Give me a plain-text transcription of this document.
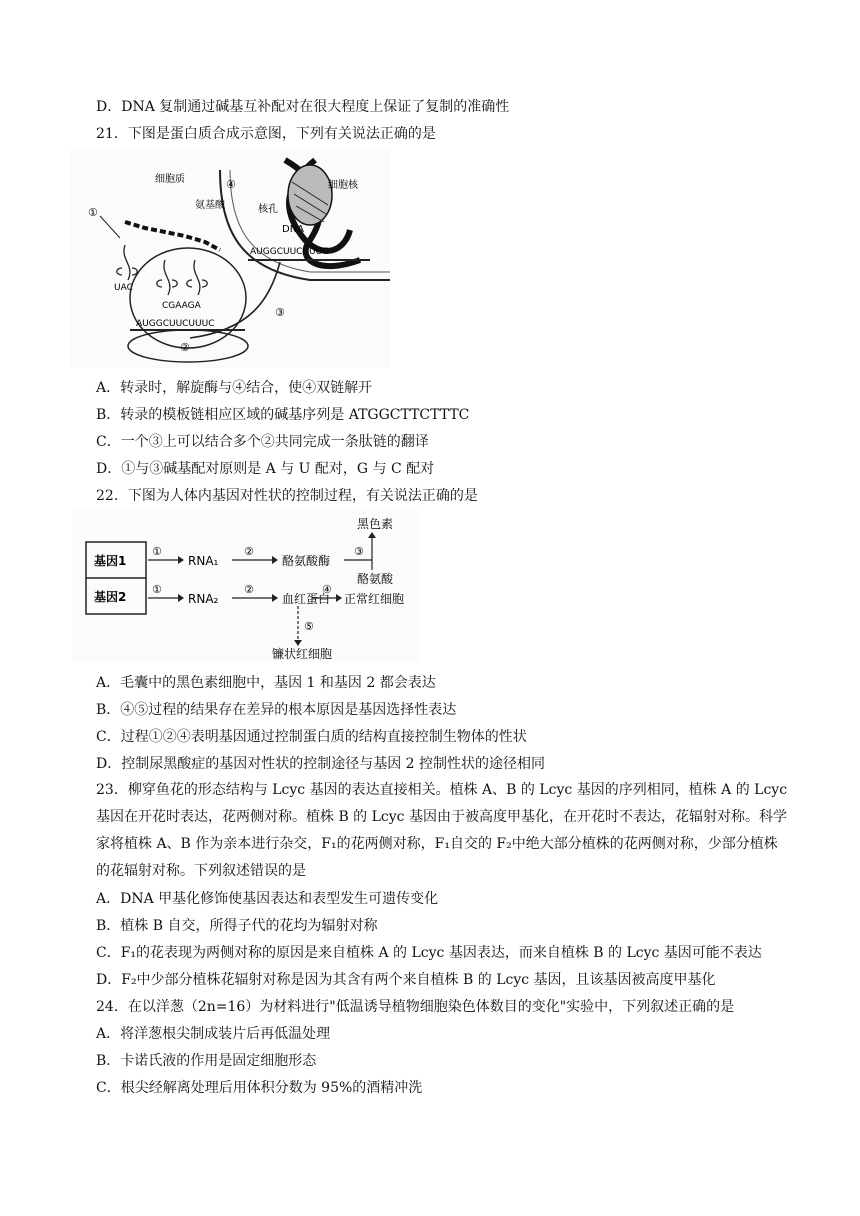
D．DNA 复制通过碱基互补配对在很大程度上保证了复制的准确性
21．下图是蛋白质合成示意图，下列有关说法正确的是
细胞质
细胞核
④
氨基酸	核孔
DNA
AUGGCUUCUUUC
③
②
①
UAC
CGAAGA
AUGGCUUCUUUC
A．转录时，解旋酶与④结合，使④双链解开
B．转录的模板链相应区域的碱基序列是 ATGGCTTCTTTC
C．一个③上可以结合多个②共同完成一条肽链的翻译
D．①与③碱基配对原则是 A 与 U 配对，G 与 C 配对
22．下图为人体内基因对性状的控制过程，有关说法正确的是
基因1
基因2
①
RNA₁
②
酪氨酸酶
③
黑色素
酪氨酸
①
RNA₂
②
血红蛋白
④
正常红细胞
⑤
镰状红细胞
A．毛囊中的黑色素细胞中，基因 1 和基因 2 都会表达
B．④⑤过程的结果存在差异的根本原因是基因选择性表达
C．过程①②④表明基因通过控制蛋白质的结构直接控制生物体的性状
D．控制尿黑酸症的基因对性状的控制途径与基因 2 控制性状的途径相同
23．柳穿鱼花的形态结构与 Lcyc 基因的表达直接相关。植株 A、B 的 Lcyc 基因的序列相同，植株 A 的 Lcyc 基因在开花时表达，花两侧对称。植株 B 的 Lcyc 基因由于被高度甲基化，在开花时不表达，花辐射对称。科学家将植株 A、B 作为亲本进行杂交，F₁的花两侧对称，F₁自交的 F₂中绝大部分植株的花两侧对称，少部分植株的花辐射对称。下列叙述错误的是
A．DNA 甲基化修饰使基因表达和表型发生可遗传变化
B．植株 B 自交，所得子代的花均为辐射对称
C．F₁的花表现为两侧对称的原因是来自植株 A 的 Lcyc 基因表达，而来自植株 B 的 Lcyc 基因可能不表达
D．F₂中少部分植株花辐射对称是因为其含有两个来自植株 B 的 Lcyc 基因，且该基因被高度甲基化
24．在以洋葱（2n=16）为材料进行"低温诱导植物细胞染色体数目的变化"实验中，下列叙述正确的是
A．将洋葱根尖制成装片后再低温处理
B．卡诺氏液的作用是固定细胞形态
C．根尖经解离处理后用体积分数为 95%的酒精冲洗
